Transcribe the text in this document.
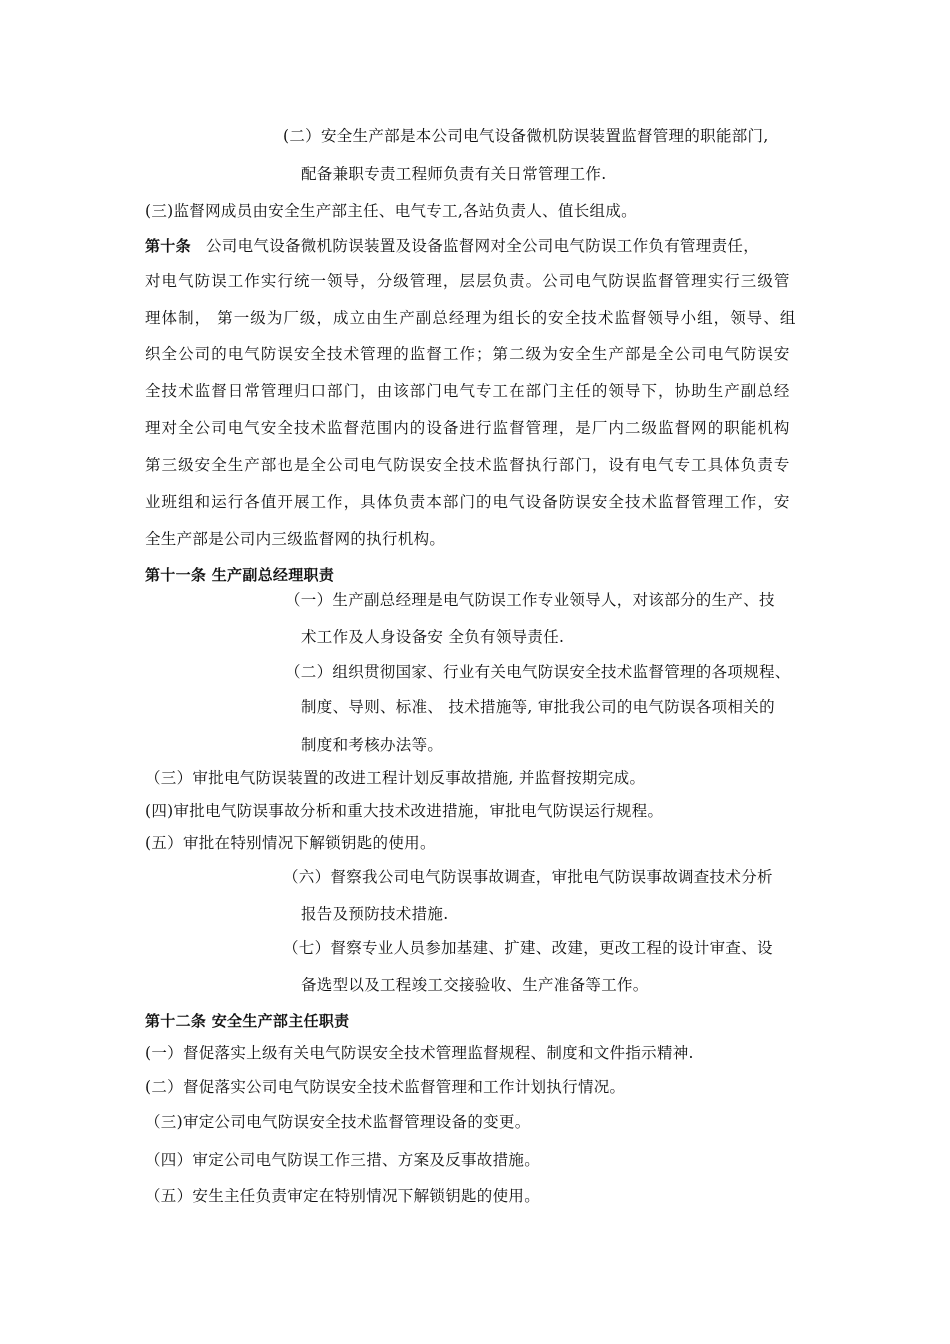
(二）安全生产部是本公司电气设备微机防误装置监督管理的职能部门,
配备兼职专责工程师负责有关日常管理工作.
(三)监督网成员由安全生产部主任、电气专工,各站负责人、值长组成。
第十条 公司电气设备微机防误装置及设备监督网对全公司电气防误工作负有管理责任，
对电气防误工作实行统一领导，分级管理，层层负责。公司电气防误监督管理实行三级管
理体制， 第一级为厂级，成立由生产副总经理为组长的安全技术监督领导小组，领导、组
织全公司的电气防误安全技术管理的监督工作；第二级为安全生产部是全公司电气防误安
全技术监督日常管理归口部门，由该部门电气专工在部门主任的领导下，协助生产副总经
理对全公司电气安全技术监督范围内的设备进行监督管理，是厂内二级监督网的职能机构
第三级安全生产部也是全公司电气防误安全技术监督执行部门，设有电气专工具体负责专
业班组和运行各值开展工作，具体负责本部门的电气设备防误安全技术监督管理工作，安
全生产部是公司内三级监督网的执行机构。
第十一条 生产副总经理职责
（一）生产副总经理是电气防误工作专业领导人，对该部分的生产、技
术工作及人身设备安 全负有领导责任.
（二）组织贯彻国家、行业有关电气防误安全技术监督管理的各项规程、
制度、导则、标准、 技术措施等, 审批我公司的电气防误各项相关的
制度和考核办法等。
（三）审批电气防误装置的改进工程计划反事故措施, 并监督按期完成。
(四)审批电气防误事故分析和重大技术改进措施，审批电气防误运行规程。
(五）审批在特别情况下解锁钥匙的使用。
（六）督察我公司电气防误事故调查，审批电气防误事故调查技术分析
报告及预防技术措施.
（七）督察专业人员参加基建、扩建、改建，更改工程的设计审查、设
备选型以及工程竣工交接验收、生产准备等工作。
第十二条 安全生产部主任职责
(一）督促落实上级有关电气防误安全技术管理监督规程、制度和文件指示精神.
(二）督促落实公司电气防误安全技术监督管理和工作计划执行情况。
（三)审定公司电气防误安全技术监督管理设备的变更。
（四）审定公司电气防误工作三措、方案及反事故措施。
（五）安生主任负责审定在特别情况下解锁钥匙的使用。
